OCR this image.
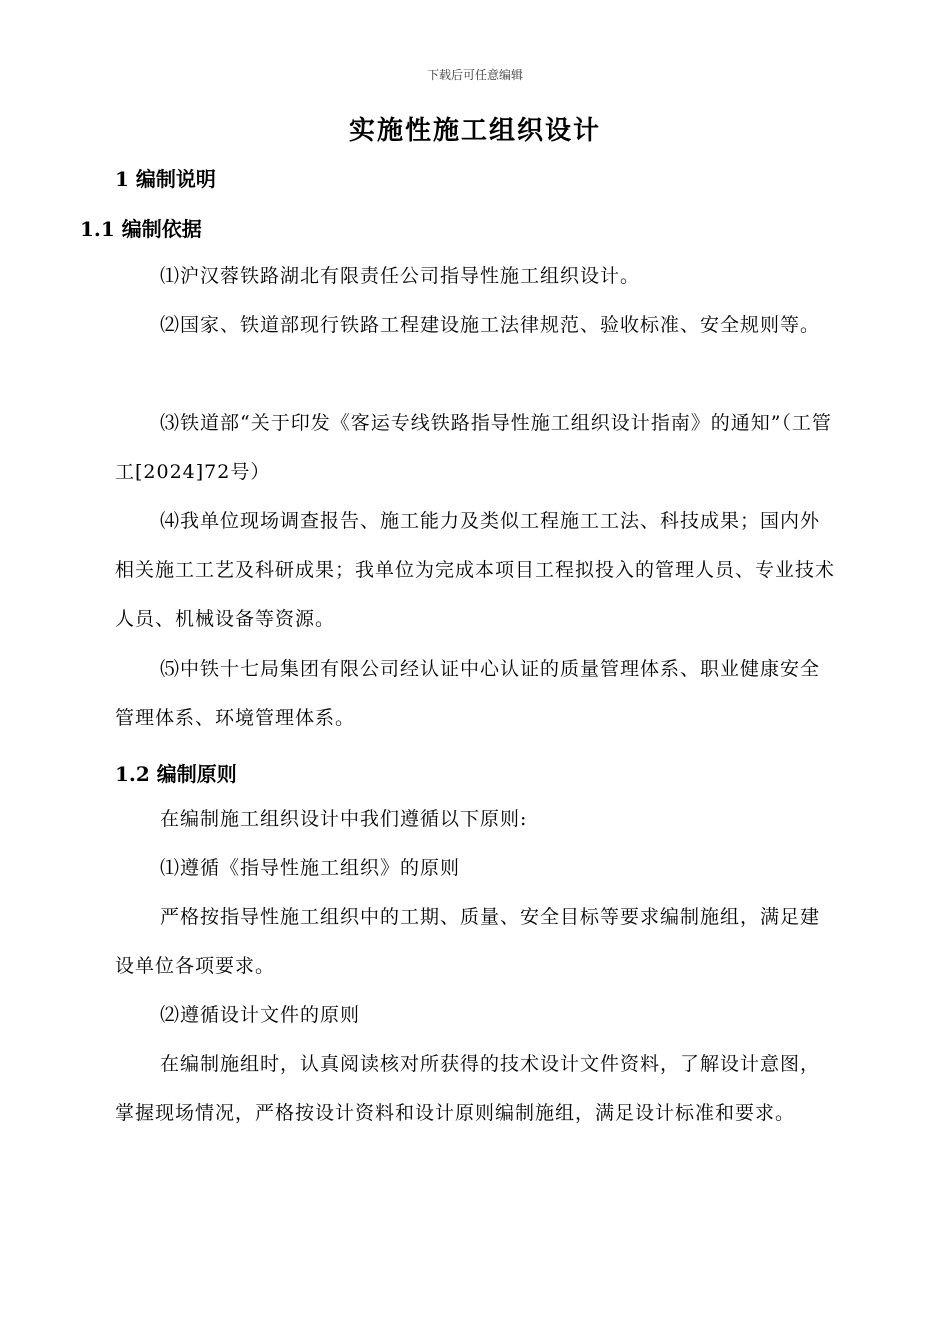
下载后可任意编辑
实施性施工组织设计
1 编制说明
1.1 编制依据

⑴沪汉蓉铁路湖北有限责任公司指导性施工组织设计。

⑵国家、铁道部现行铁路工程建设施工法律规范、验收标准、安全规则等。

⑶铁道部“关于印发《客运专线铁路指导性施工组织设计指南》的通知”（工管工[2024]72号）

⑷我单位现场调查报告、施工能力及类似工程施工工法、科技成果；国内外相关施工工艺及科研成果；我单位为完成本项目工程拟投入的管理人员、专业技术人员、机械设备等资源。

⑸中铁十七局集团有限公司经认证中心认证的质量管理体系、职业健康安全管理体系、环境管理体系。

1.2 编制原则

在编制施工组织设计中我们遵循以下原则:

⑴遵循《指导性施工组织》的原则

严格按指导性施工组织中的工期、质量、安全目标等要求编制施组，满足建设单位各项要求。

⑵遵循设计文件的原则

在编制施组时，认真阅读核对所获得的技术设计文件资料，了解设计意图，掌握现场情况，严格按设计资料和设计原则编制施组，满足设计标准和要求。
